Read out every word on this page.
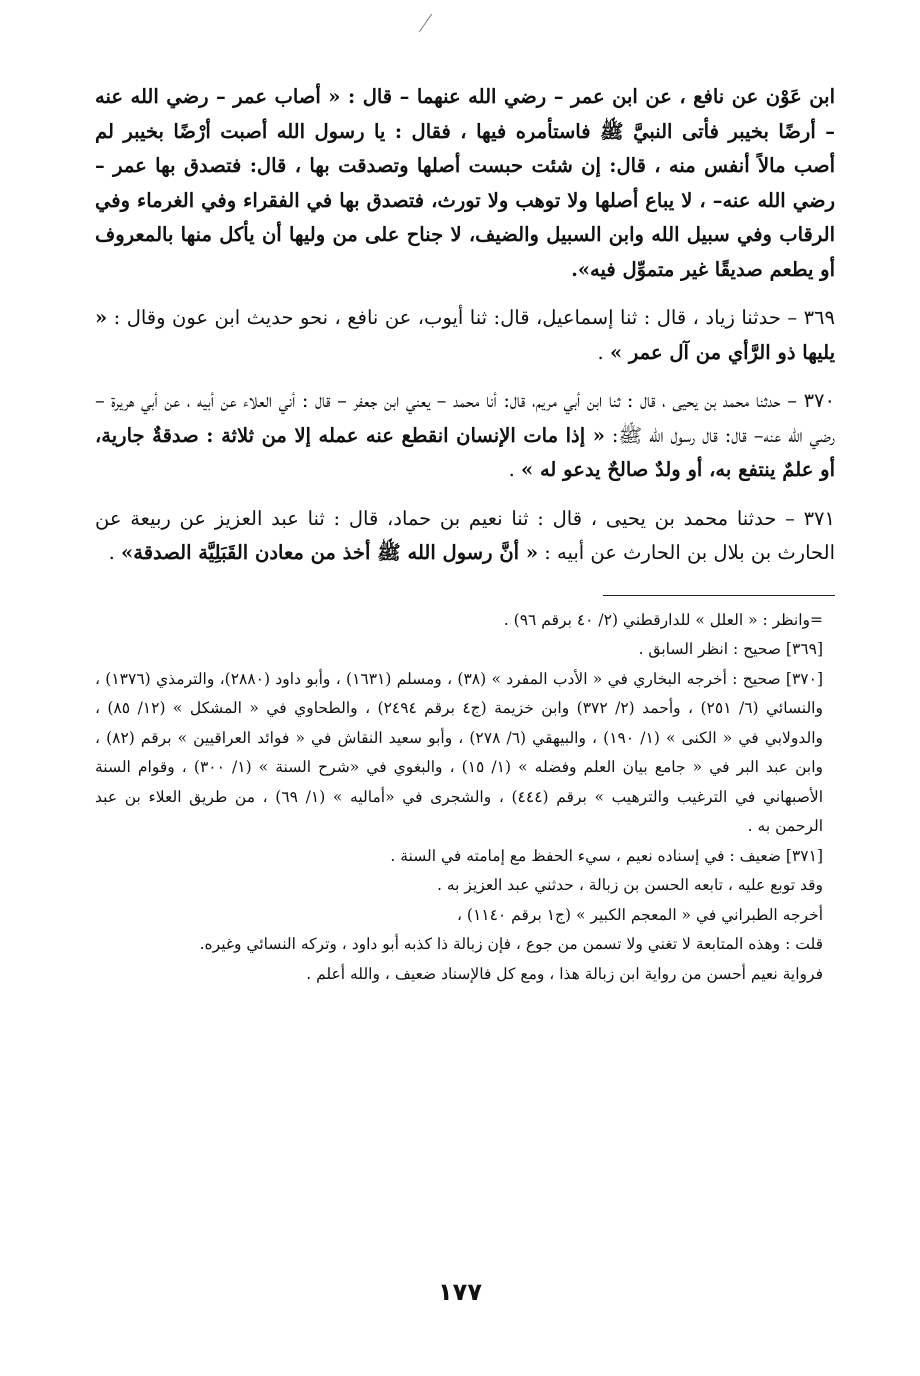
ابن عَوْن عن نافع ، عن ابن عمر – رضي الله عنهما – قال : « أصاب عمر – رضي الله عنه – أرضًا بخيبر فأتى النبيَّ ﷺ فاستأمره فيها ، فقال : يا رسول الله أصبت أرْضًا بخيبر لم أصب مالاً أنفس منه ، قال: إن شئت حبست أصلها وتصدقت بها ، قال: فتصدق بها عمر –رضي الله عنه– ، لا يباع أصلها ولا توهب ولا تورث، فتصدق بها في الفقراء وفي الغرماء وفي الرقاب وفي سبيل الله وابن السبيل والضيف، لا جناح على من وليها أن يأكل منها بالمعروف أو يطعم صديقًا غير متموِّل فيه».

٣٦٩ – حدثنا زياد ، قال : ثنا إسماعيل، قال: ثنا أيوب، عن نافع ، نحو حديث ابن عون وقال : « يليها ذو الرَّأي من آل عمر » .

٣٧٠ – حدثنا محمد بن يحيى ، قال : ثنا ابن أبي مريم، قال: أنا محمد – يعني ابن جعفر – قال : أني العلاء عن أبيه ، عن أبي هريرة –رضي الله عنه– قال: قال رسول الله ﷺ: « إذا مات الإنسان انقطع عنه عمله إلا من ثلاثة : صدقةٌ جارية، أو علمٌ ينتفع به، أو ولدٌ صالحٌ يدعو له » .

٣٧١ – حدثنا محمد بن يحيى ، قال : ثنا نعيم بن حماد، قال : ثنا عبد العزيز عن ربيعة عن الحارث بن بلال بن الحارث عن أبيه : « أنَّ رسول الله ﷺ أخذ من معادن القَبَلِيَّة الصدقة» .

=وانظر : « العلل » للدارقطني (٢/ ٤٠ برقم ٩٦) .

[٣٦٩] صحيح : انظر السابق .

[٣٧٠] صحيح : أخرجه البخاري في « الأدب المفرد » (٣٨) ، ومسلم (١٦٣١) ، وأبو داود (٢٨٨٠)، والترمذي (١٣٧٦) ، والنسائي (٦/ ٢٥١) ، وأحمد (٢/ ٣٧٢) وابن خزيمة (ج٤ برقم ٢٤٩٤) ، والطحاوي في « المشكل » (١٢/ ٨٥) ، والدولابي في « الكنى » (١/ ١٩٠) ، والبيهقي (٦/ ٢٧٨) ، وأبو سعيد النقاش في « فوائد العراقيين » برقم (٨٢) ، وابن عبد البر في « جامع بيان العلم وفضله » (١/ ١٥) ، والبغوي في «شرح السنة » (١/ ٣٠٠) ، وقوام السنة الأصبهاني في الترغيب والترهيب » برقم (٤٤٤) ، والشجرى في «أماليه » (١/ ٦٩) ، من طريق العلاء بن عبد الرحمن به .

[٣٧١] ضعيف : في إسناده نعيم ، سيء الحفظ مع إمامته في السنة .

وقد توبع عليه ، تابعه الحسن بن زبالة ، حدثني عبد العزيز به .

أخرجه الطبراني في « المعجم الكبير » (ج١ برقم ١١٤٠) ،

قلت : وهذه المتابعة لا تغني ولا تسمن من جوع ، فإن زبالة ذا كذبه أبو داود ، وتركه النسائي وغيره.

فرواية نعيم أحسن من رواية ابن زبالة هذا ، ومع كل فالإسناد ضعيف ، والله أعلم .

١٧٧
